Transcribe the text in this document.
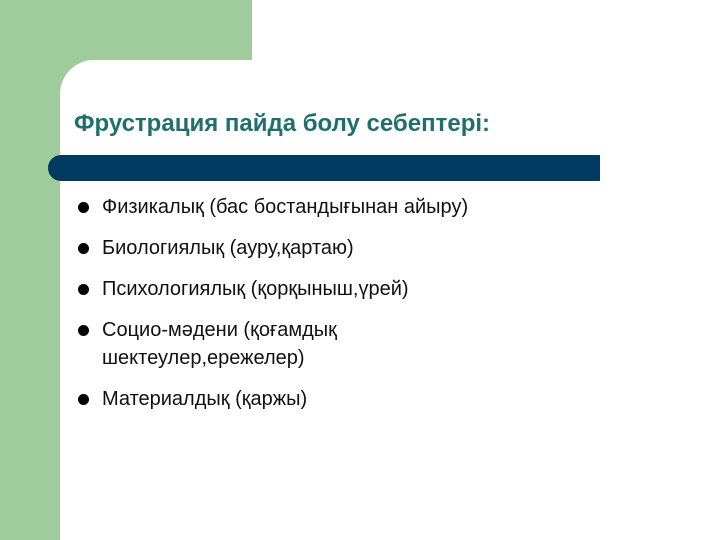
Фрустрация пайда болу себептері:
Физикалық (бас бостандығынан айыру)
Биологиялық (ауру,қартаю)
Психологиялық (қорқыныш,үрей)
Социо-мәдени (қоғамдық шектеулер,ережелер)
Материалдық (қаржы)
